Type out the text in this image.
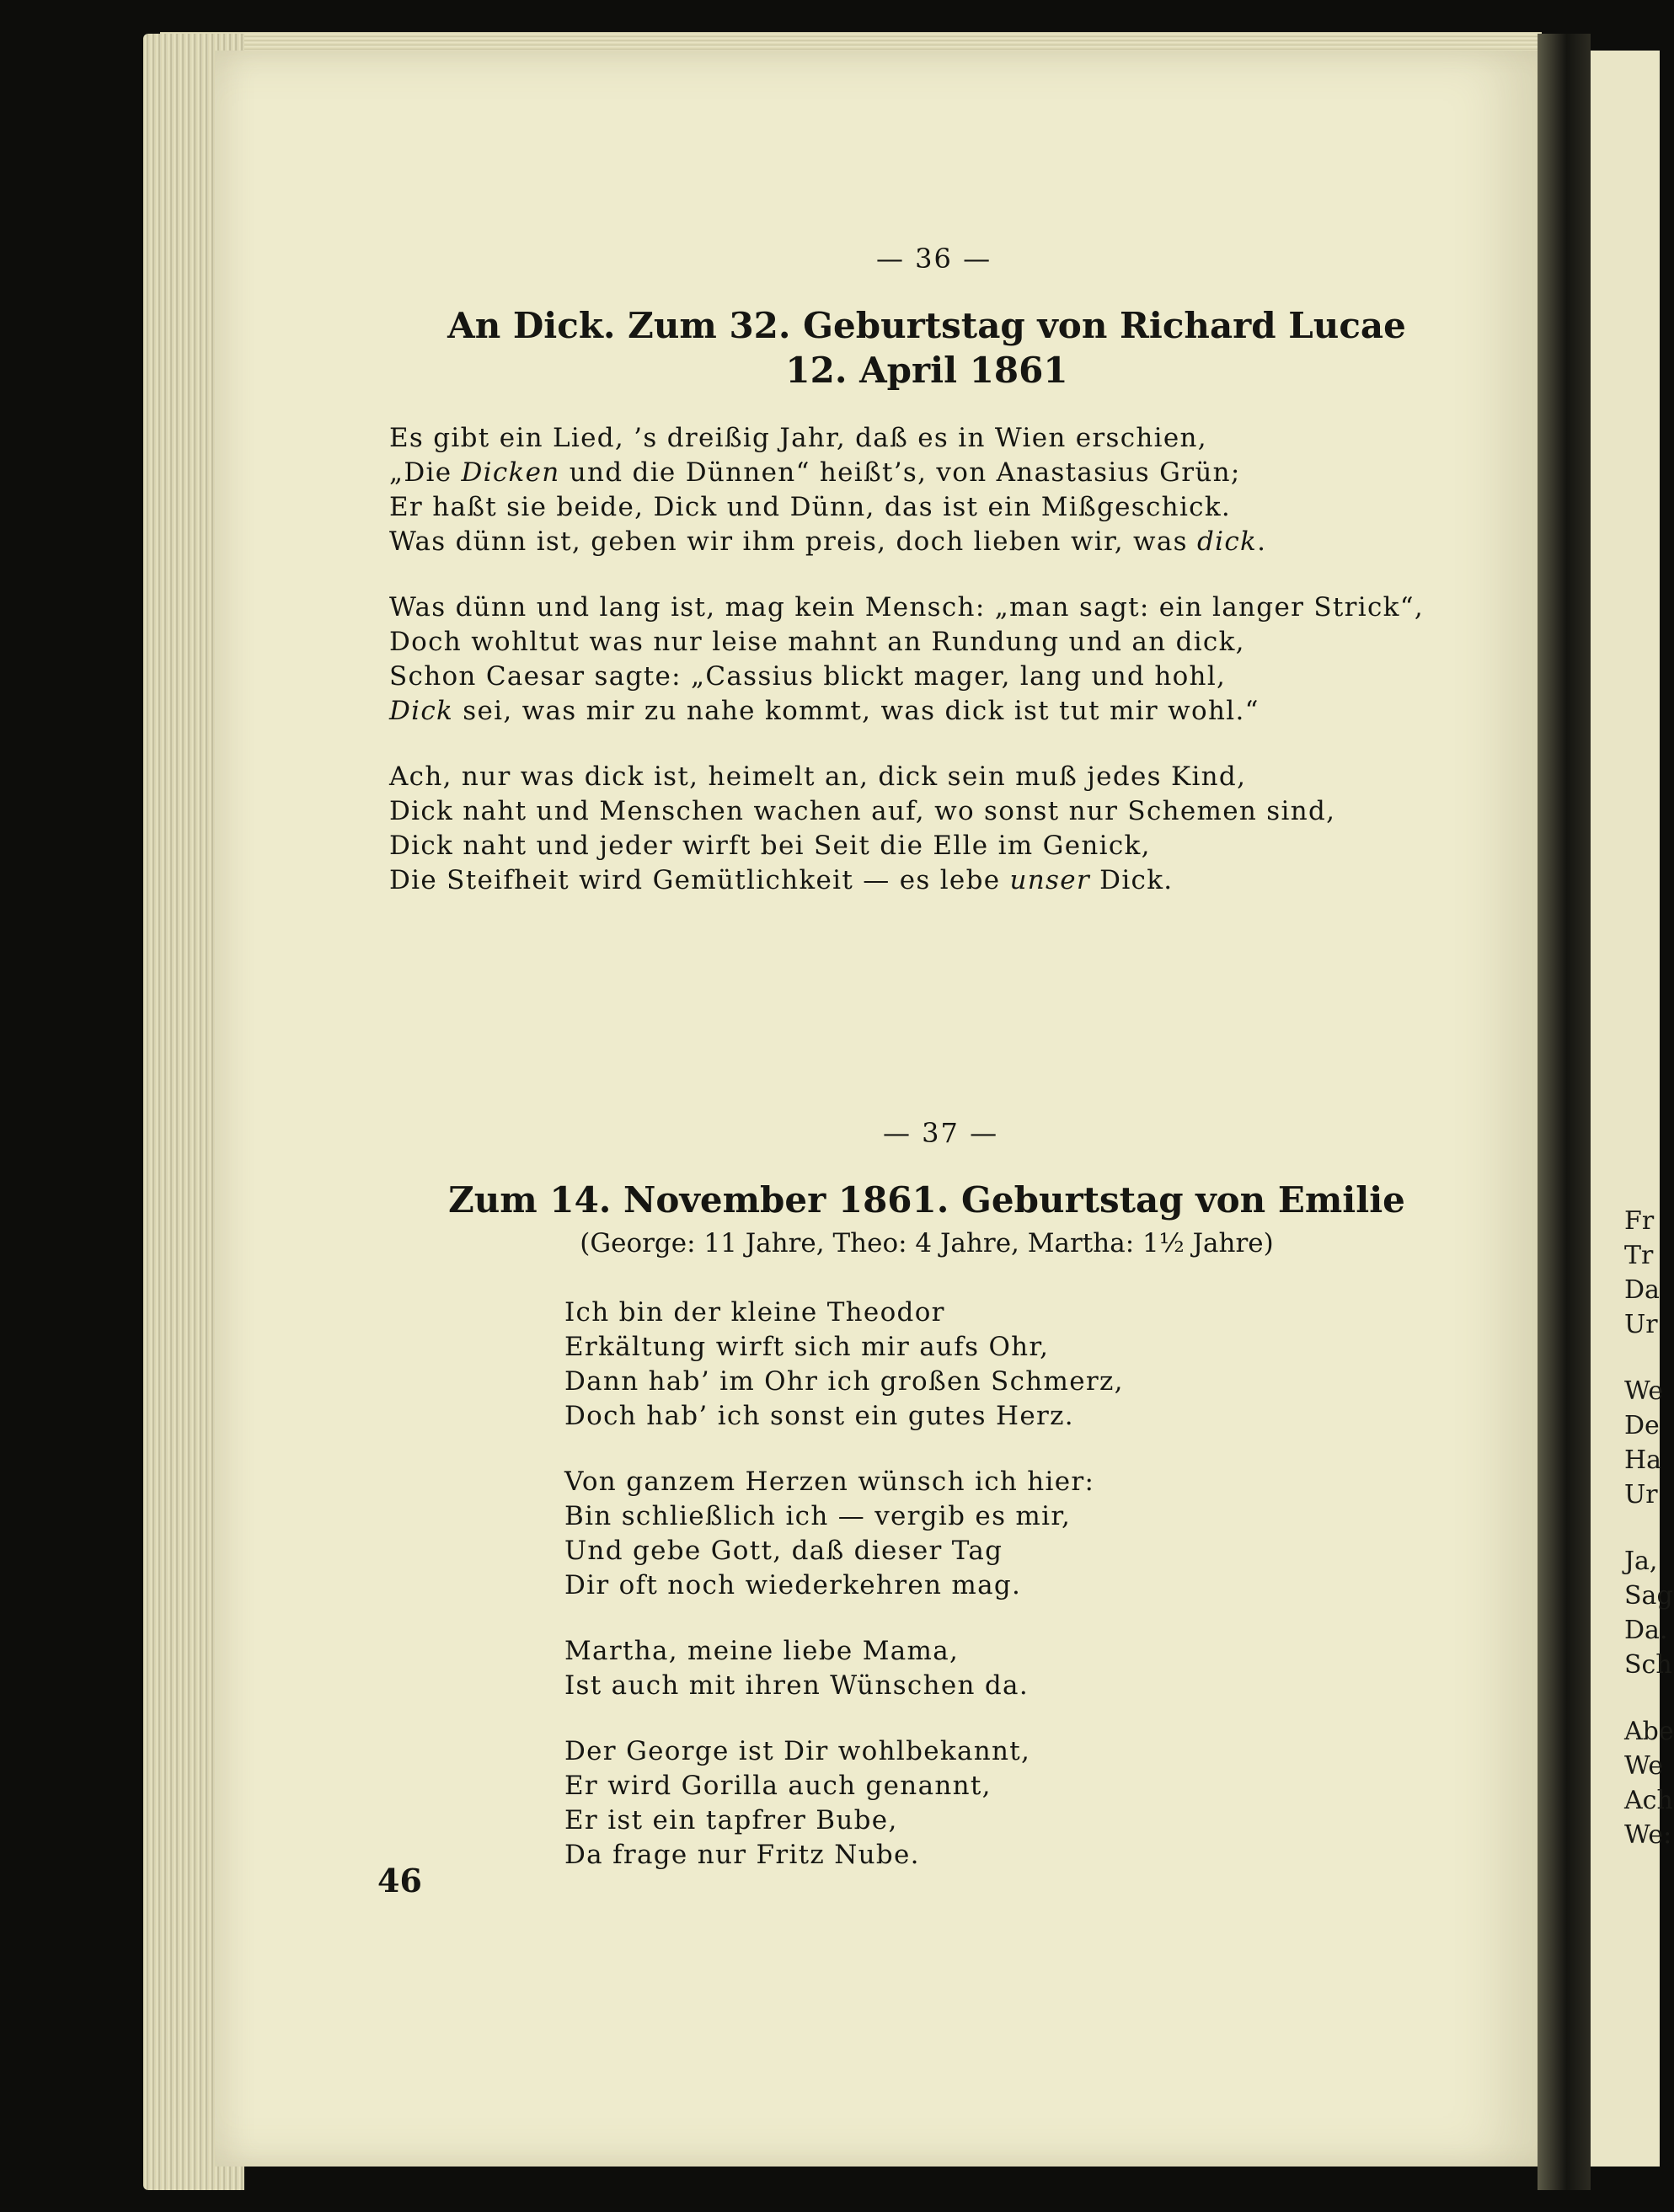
Fr
Tr
Da
Ur
We
De
Ha
Ur
Ja,
Sag
Da.
Sch
Abe
We
Ach
We:
— 36 —
An Dick. Zum 32. Geburtstag von Richard Lucae
12. April 1861
Es gibt ein Lied, ’s dreißig Jahr, daß es in Wien erschien,
„Die Dicken und die Dünnen“ heißt’s, von Anastasius Grün;
Er haßt sie beide, Dick und Dünn, das ist ein Mißgeschick.
Was dünn ist, geben wir ihm preis, doch lieben wir, was dick.
Was dünn und lang ist, mag kein Mensch: „man sagt: ein langer Strick“,
Doch wohltut was nur leise mahnt an Rundung und an dick,
Schon Caesar sagte: „Cassius blickt mager, lang und hohl,
Dick sei, was mir zu nahe kommt, was dick ist tut mir wohl.“
Ach, nur was dick ist, heimelt an, dick sein muß jedes Kind,
Dick naht und Menschen wachen auf, wo sonst nur Schemen sind,
Dick naht und jeder wirft bei Seit die Elle im Genick,
Die Steifheit wird Gemütlichkeit — es lebe unser Dick.
— 37 —
Zum 14. November 1861. Geburtstag von Emilie
(George: 11 Jahre, Theo: 4 Jahre, Martha: 1½ Jahre)
Ich bin der kleine Theodor
Erkältung wirft sich mir aufs Ohr,
Dann hab’ im Ohr ich großen Schmerz,
Doch hab’ ich sonst ein gutes Herz.
Von ganzem Herzen wünsch ich hier:
Bin schließlich ich — vergib es mir,
Und gebe Gott, daß dieser Tag
Dir oft noch wiederkehren mag.
Martha, meine liebe Mama,
Ist auch mit ihren Wünschen da.
Der George ist Dir wohlbekannt,
Er wird Gorilla auch genannt,
Er ist ein tapfrer Bube,
Da frage nur Fritz Nube.
46
